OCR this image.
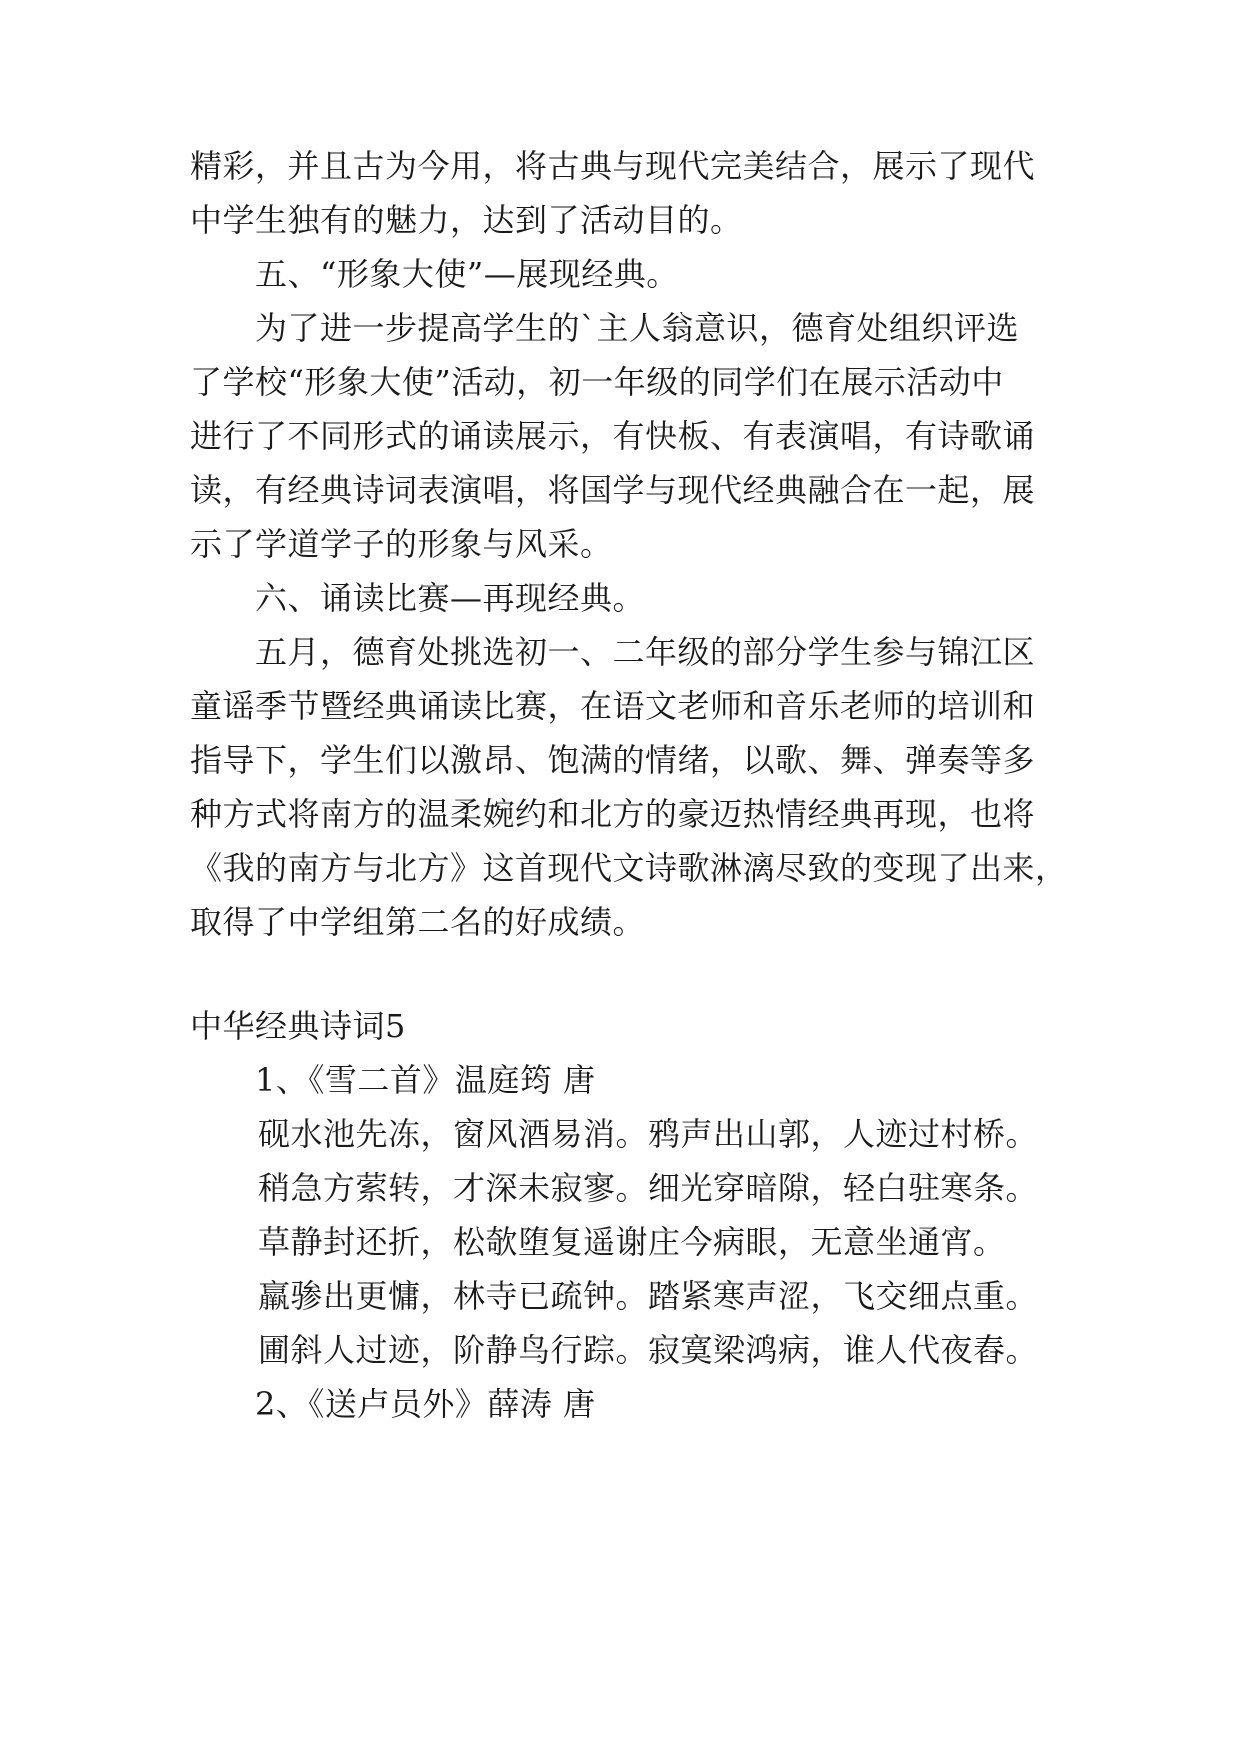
精彩，并且古为今用，将古典与现代完美结合，展示了现代
中学生独有的魅力，达到了活动目的。
五、“形象大使”—展现经典。
为了进一步提高学生的`主人翁意识，德育处组织评选
了学校“形象大使”活动，初一年级的同学们在展示活动中
进行了不同形式的诵读展示，有快板、有表演唱，有诗歌诵
读，有经典诗词表演唱，将国学与现代经典融合在一起，展
示了学道学子的形象与风采。
六、诵读比赛—再现经典。
五月，德育处挑选初一、二年级的部分学生参与锦江区
童谣季节暨经典诵读比赛，在语文老师和音乐老师的培训和
指导下，学生们以激昂、饱满的情绪，以歌、舞、弹奏等多
种方式将南方的温柔婉约和北方的豪迈热情经典再现，也将
《我的南方与北方》这首现代文诗歌淋漓尽致的变现了出来，
取得了中学组第二名的好成绩。
中华经典诗词5
1、《雪二首》温庭筠 唐
砚水池先冻，窗风酒易消。鸦声出山郭，人迹过村桥。
稍急方萦转，才深未寂寥。细光穿暗隙，轻白驻寒条。
草静封还折，松欹堕复遥谢庄今病眼，无意坐通宵。
羸骖出更慵，林寺已疏钟。踏紧寒声涩，飞交细点重。
圃斜人过迹，阶静鸟行踪。寂寞梁鸿病，谁人代夜舂。
2、《送卢员外》薛涛 唐
